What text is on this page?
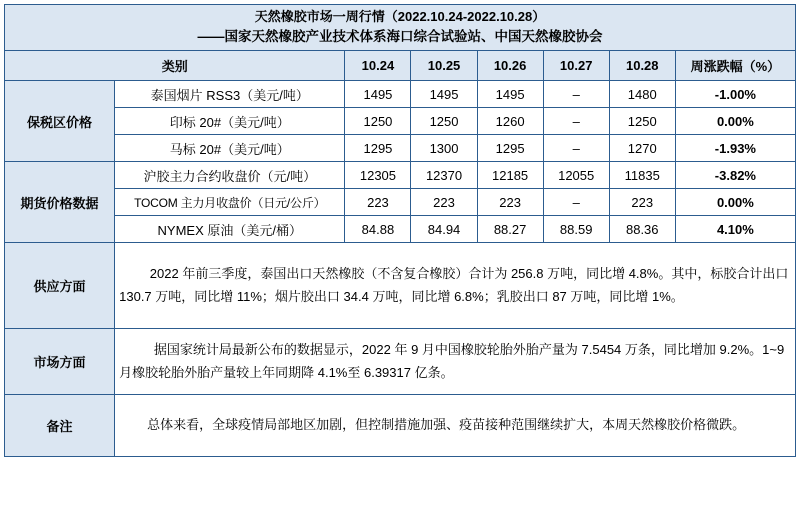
天然橡胶市场一周行情（2022.10.24-2022.10.28）
――国家天然橡胶产业技术体系海口综合试验站、中国天然橡胶协会							

类别		10.24	10.25	10.26	10.27	10.28	周涨跌幅（%）
保税区价格	泰国烟片 RSS3（美元/吨）	1495	1495	1495	–	1480	-1.00%
	印标 20#（美元/吨）	1250	1250	1260	–	1250	0.00%
	马标 20#（美元/吨）	1295	1300	1295	–	1270	-1.93%
期货价格数据	沪胶主力合约收盘价（元/吨）	12305	12370	12185	12055	11835	-3.82%
	TOCOM 主力月收盘价（日元/公斤）	223	223	223	–	223	0.00%
	NYMEX 原油（美元/桶）	84.88	84.94	88.27	88.59	88.36	4.10%
供应方面	2022 年前三季度，泰国出口天然橡胶（不含复合橡胶）合计为 256.8 万吨，同比增 4.8%。其中，标胶合计出口 130.7 万吨，同比增 11%；烟片胶出口 34.4 万吨，同比增 6.8%；乳胶出口 87 万吨，同比增 1%。						
市场方面	据国家统计局最新公布的数据显示，2022 年 9 月中国橡胶轮胎外胎产量为 7.5454 万条，同比增加 9.2%。1~9 月橡胶轮胎外胎产量较上年同期降 4.1%至 6.39317 亿条。						
备注	总体来看，全球疫情局部地区加剧，但控制措施加强、疫苗接种范围继续扩大，本周天然橡胶价格微跌。						
